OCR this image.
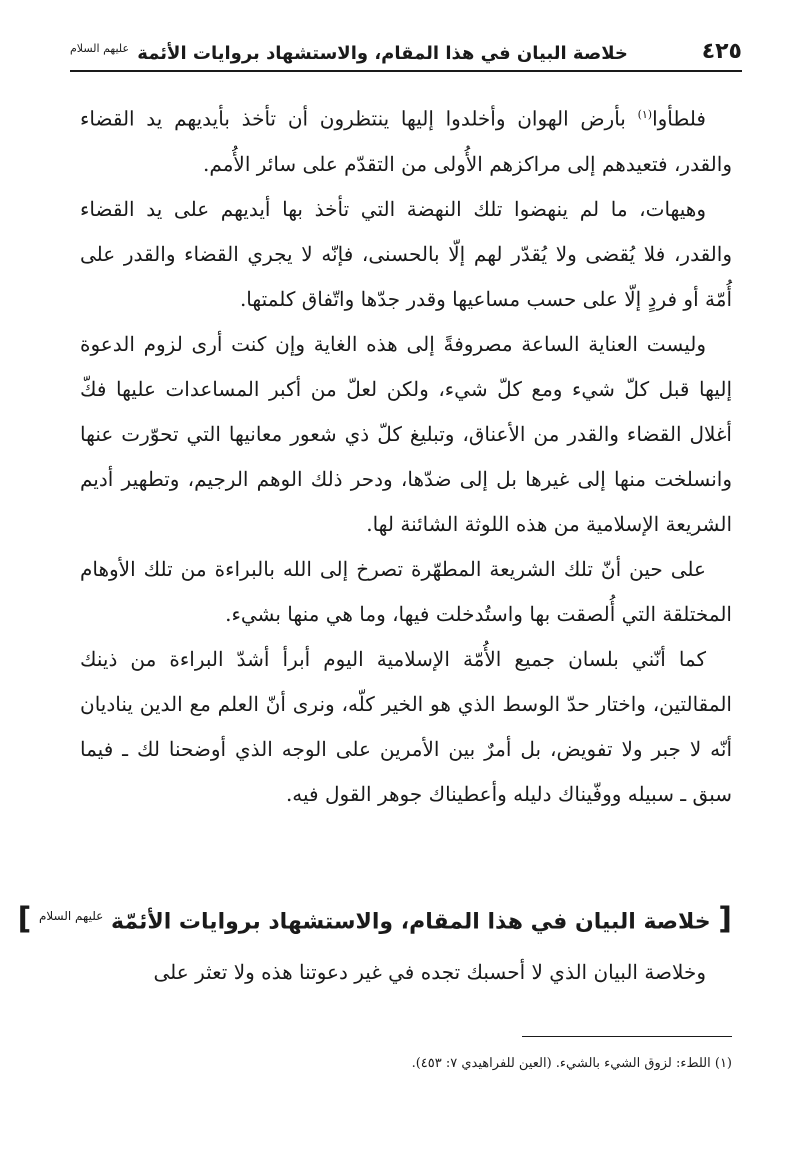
خلاصة البيان في هذا المقام، والاستشهاد بروايات الأئمة $^{عليهم السلام}$	٤٢٥

فلطأوا$^{(١)}$ بأرض الهوان وأخلدوا إليها ينتظرون أن تأخذ بأيديهم يد القضاء والقدر، فتعيدهم إلى مراكزهم الأُولى من التقدّم على سائر الأُمم.

وهيهات، ما لم ينهضوا تلك النهضة التي تأخذ بها أيديهم على يد القضاء والقدر، فلا يُقضى ولا يُقدّر لهم إلّا بالحسنى، فإنّه لا يجري القضاء والقدر على أُمّة أو فردٍ إلّا على حسب مساعيها وقدر جدّها واتّفاق كلمتها.

وليست العناية الساعة مصروفةً إلى هذه الغاية وإن كنت أرى لزوم الدعوة إليها قبل كلّ شيء ومع كلّ شيء، ولكن لعلّ من أكبر المساعدات عليها فكّ أغلال القضاء والقدر من الأعناق، وتبليغ كلّ ذي شعور معانيها التي تحوّرت عنها وانسلخت منها إلى غيرها بل إلى ضدّها، ودحر ذلك الوهم الرجيم، وتطهير أديم الشريعة الإسلامية من هذه اللوثة الشائنة لها.

على حين أنّ تلك الشريعة المطهّرة تصرخ إلى الله بالبراءة من تلك الأوهام المختلقة التي أُلصقت بها واستُدخلت فيها، وما هي منها بشيء.

كما أنّني بلسان جميع الأُمّة الإسلامية اليوم أبرأ أشدّ البراءة من ذينك المقالتين، واختار حدّ الوسط الذي هو الخير كلّه، ونرى أنّ العلم مع الدين يناديان أنّه لا جبر ولا تفويض، بل أمرٌ بين الأمرين على الوجه الذي أوضحنا لك ـ فيما سبق ـ سبيله ووفّيناك دليله وأعطيناك جوهر القول فيه.

[ خلاصة البيان في هذا المقام، والاستشهاد بروايات الأئمّة $^{عليهم السلام}$ ]

وخلاصة البيان الذي لا أحسبك تجده في غير دعوتنا هذه ولا تعثر على

(١) اللطء: لزوق الشيء بالشيء. (العين للفراهيدي ٧: ٤٥٣).
